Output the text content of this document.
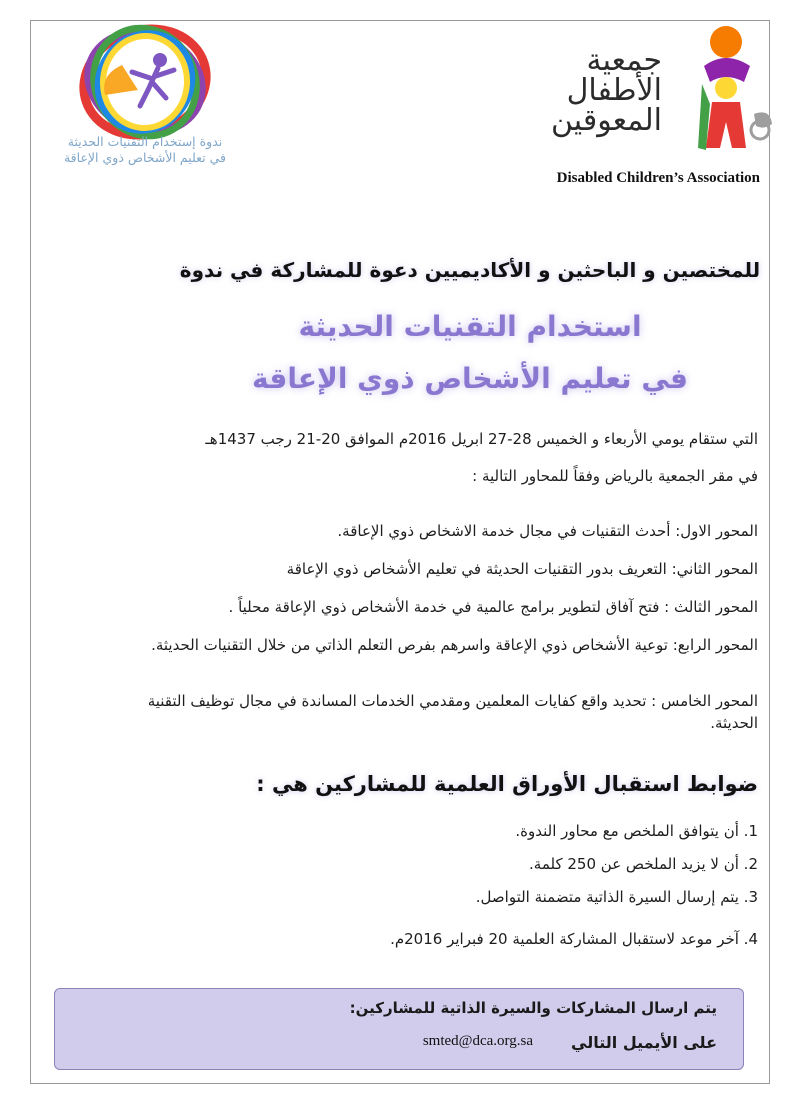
ندوة إستخدام التقنيات الحديثة
في تعليم الأشخاص ذوي الإعاقة
جمعية
الأطفال
المعوقين
Disabled Children’s Association
للمختصين و الباحثين و الأكاديميين دعوة للمشاركة في ندوة
استخدام التقنيات الحديثة
في تعليم الأشخاص ذوي الإعاقة
التي ستقام يومي الأربعاء و الخميس 28-27 ابريل 2016م الموافق 20-21 رجب 1437هـ
في مقر الجمعية بالرياض وفقاً للمحاور التالية :
المحور الاول: أحدث التقنيات في مجال خدمة الاشخاص ذوي الإعاقة.
المحور الثاني: التعريف بدور التقنيات الحديثة في تعليم الأشخاص ذوي الإعاقة
المحور الثالث : فتح آفاق لتطوير برامج عالمية في خدمة الأشخاص ذوي الإعاقة محلياً .
المحور الرابع: توعية الأشخاص ذوي الإعاقة واسرهم بفرص التعلم الذاتي من خلال التقنيات الحديثة.
المحور الخامس : تحديد واقع كفايات المعلمين ومقدمي الخدمات المساندة في مجال توظيف التقنية الحديثة.
ضوابط استقبال الأوراق العلمية للمشاركين هي :
1. أن يتوافق الملخص مع محاور الندوة.
2. أن لا يزيد الملخص عن 250 كلمة.
3. يتم إرسال السيرة الذاتية متضمنة التواصل.
4. آخر موعد لاستقبال المشاركة العلمية 20 فبراير 2016م.
يتم ارسال المشاركات والسيرة الذاتية للمشاركين:
على الأيميل التالي
smted@dca.org.sa
